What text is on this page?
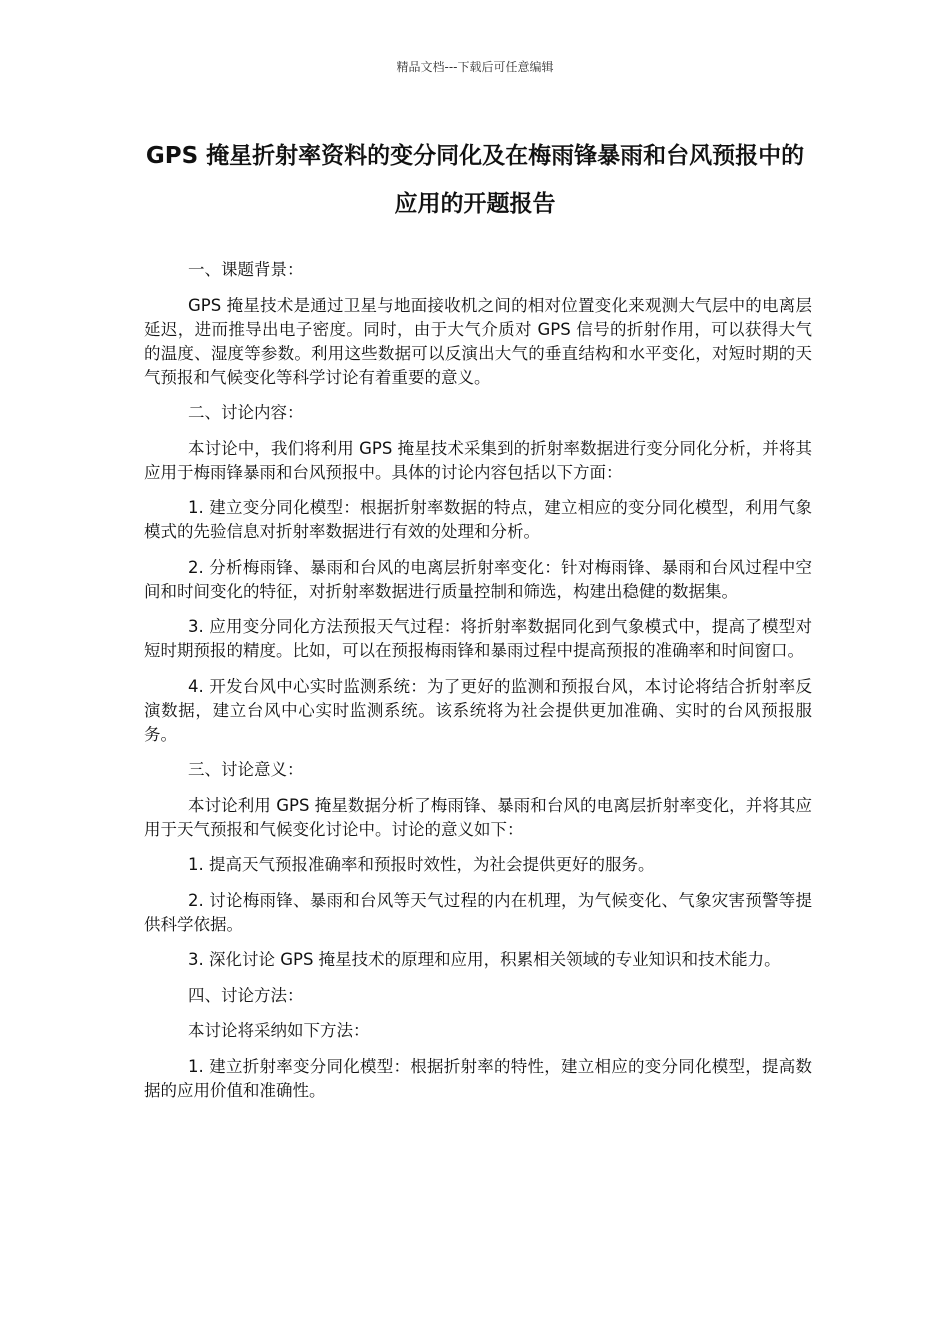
精品文档---下载后可任意编辑
GPS 掩星折射率资料的变分同化及在梅雨锋暴雨和台风预报中的应用的开题报告

一、课题背景：

GPS 掩星技术是通过卫星与地面接收机之间的相对位置变化来观测大气层中的电离层延迟，进而推导出电子密度。同时，由于大气介质对 GPS 信号的折射作用，可以获得大气的温度、湿度等参数。利用这些数据可以反演出大气的垂直结构和水平变化，对短时期的天气预报和气候变化等科学讨论有着重要的意义。

二、讨论内容：

本讨论中，我们将利用 GPS 掩星技术采集到的折射率数据进行变分同化分析，并将其应用于梅雨锋暴雨和台风预报中。具体的讨论内容包括以下方面：

1. 建立变分同化模型：根据折射率数据的特点，建立相应的变分同化模型，利用气象模式的先验信息对折射率数据进行有效的处理和分析。

2. 分析梅雨锋、暴雨和台风的电离层折射率变化：针对梅雨锋、暴雨和台风过程中空间和时间变化的特征，对折射率数据进行质量控制和筛选，构建出稳健的数据集。

3. 应用变分同化方法预报天气过程：将折射率数据同化到气象模式中，提高了模型对短时期预报的精度。比如，可以在预报梅雨锋和暴雨过程中提高预报的准确率和时间窗口。

4. 开发台风中心实时监测系统：为了更好的监测和预报台风，本讨论将结合折射率反演数据，建立台风中心实时监测系统。该系统将为社会提供更加准确、实时的台风预报服务。

三、讨论意义：

本讨论利用 GPS 掩星数据分析了梅雨锋、暴雨和台风的电离层折射率变化，并将其应用于天气预报和气候变化讨论中。讨论的意义如下：

1. 提高天气预报准确率和预报时效性，为社会提供更好的服务。

2. 讨论梅雨锋、暴雨和台风等天气过程的内在机理，为气候变化、气象灾害预警等提供科学依据。

3. 深化讨论 GPS 掩星技术的原理和应用，积累相关领域的专业知识和技术能力。

四、讨论方法：

本讨论将采纳如下方法：

1. 建立折射率变分同化模型：根据折射率的特性，建立相应的变分同化模型，提高数据的应用价值和准确性。
